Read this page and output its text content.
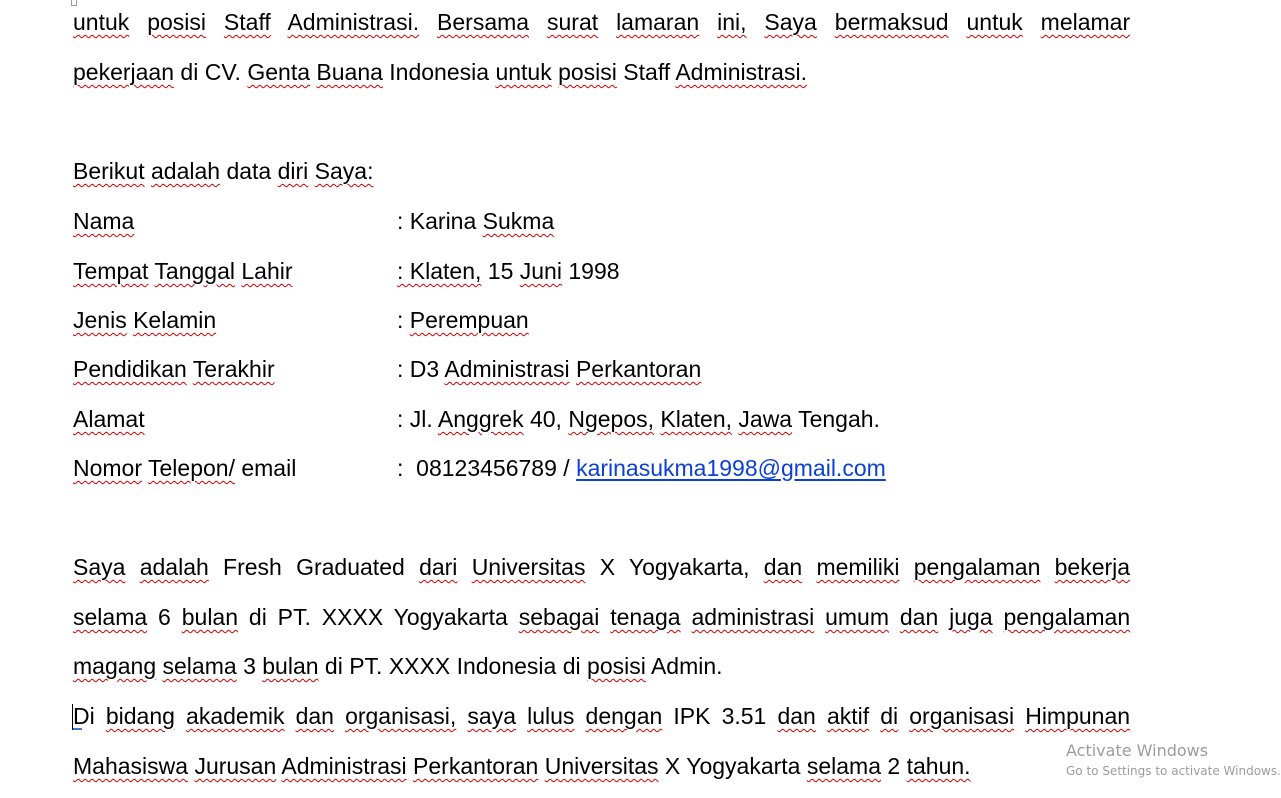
untuk posisi Staff Administrasi. Bersama surat lamaran ini, Saya bermaksud untuk melamar
pekerjaan di CV. Genta Buana Indonesia untuk posisi Staff Administrasi.
Berikut adalah data diri Saya:
Nama	: Karina Sukma
Tempat Tanggal Lahir	: Klaten, 15 Juni 1998
Jenis Kelamin	: Perempuan
Pendidikan Terakhir	: D3 Administrasi Perkantoran
Alamat	: Jl. Anggrek 40, Ngepos, Klaten, Jawa Tengah.
Nomor Telepon/ email	:  08123456789 / karinasukma1998@gmail.com
Saya adalah Fresh Graduated dari Universitas X Yogyakarta, dan memiliki pengalaman bekerja
selama 6 bulan di PT. XXXX Yogyakarta sebagai tenaga administrasi umum dan juga pengalaman
magang selama 3 bulan di PT. XXXX Indonesia di posisi Admin.
Di bidang akademik dan organisasi, saya lulus dengan IPK 3.51 dan aktif di organisasi Himpunan
Mahasiswa Jurusan Administrasi Perkantoran Universitas X Yogyakarta selama 2 tahun.
Activate Windows
Go to Settings to activate Windows.
